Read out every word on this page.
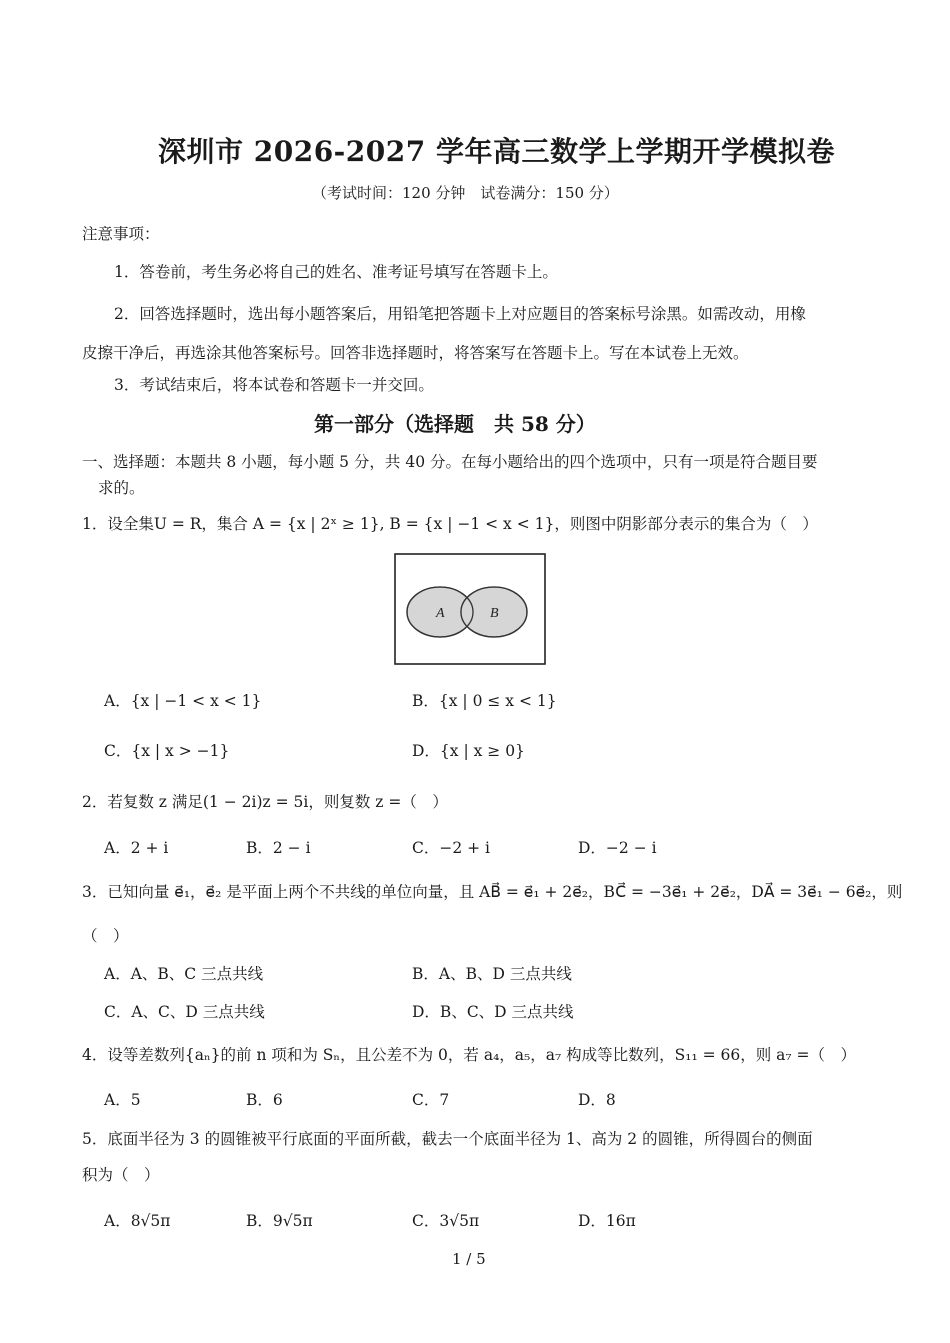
深圳市 2026-2027 学年高三数学上学期开学模拟卷
（考试时间：120 分钟　试卷满分：150 分）
注意事项：
1．答卷前，考生务必将自己的姓名、准考证号填写在答题卡上。
2．回答选择题时，选出每小题答案后，用铅笔把答题卡上对应题目的答案标号涂黑。如需改动，用橡
皮擦干净后，再选涂其他答案标号。回答非选择题时，将答案写在答题卡上。写在本试卷上无效。
3．考试结束后，将本试卷和答题卡一并交回。
第一部分（选择题　共 58 分）
一、选择题：本题共 8 小题，每小题 5 分，共 40 分。在每小题给出的四个选项中，只有一项是符合题目要
求的。
1．设全集U = R，集合 A = {x | 2ˣ ≥ 1}, B = {x | −1 < x < 1}，则图中阴影部分表示的集合为（　）
A	B
A．{x | −1 < x < 1}	B．{x | 0 ≤ x < 1}
C．{x | x > −1}	D．{x | x ≥ 0}
2．若复数 z 满足(1 − 2i)z = 5i，则复数 z =（　）
A．2 + i	B．2 − i	C．−2 + i	D．−2 − i
3．已知向量 e⃗₁，e⃗₂ 是平面上两个不共线的单位向量，且 AB⃗ = e⃗₁ + 2e⃗₂，BC⃗ = −3e⃗₁ + 2e⃗₂，DA⃗ = 3e⃗₁ − 6e⃗₂，则
（　）
A．A、B、C 三点共线	B．A、B、D 三点共线
C．A、C、D 三点共线	D．B、C、D 三点共线
4．设等差数列{aₙ}的前 n 项和为 Sₙ，且公差不为 0，若 a₄，a₅，a₇ 构成等比数列，S₁₁ = 66，则 a₇ =（　）
A．5	B．6	C．7	D．8
5．底面半径为 3 的圆锥被平行底面的平面所截，截去一个底面半径为 1、高为 2 的圆锥，所得圆台的侧面
积为（　）
A．8√5π	B．9√5π	C．3√5π	D．16π
1 / 5
